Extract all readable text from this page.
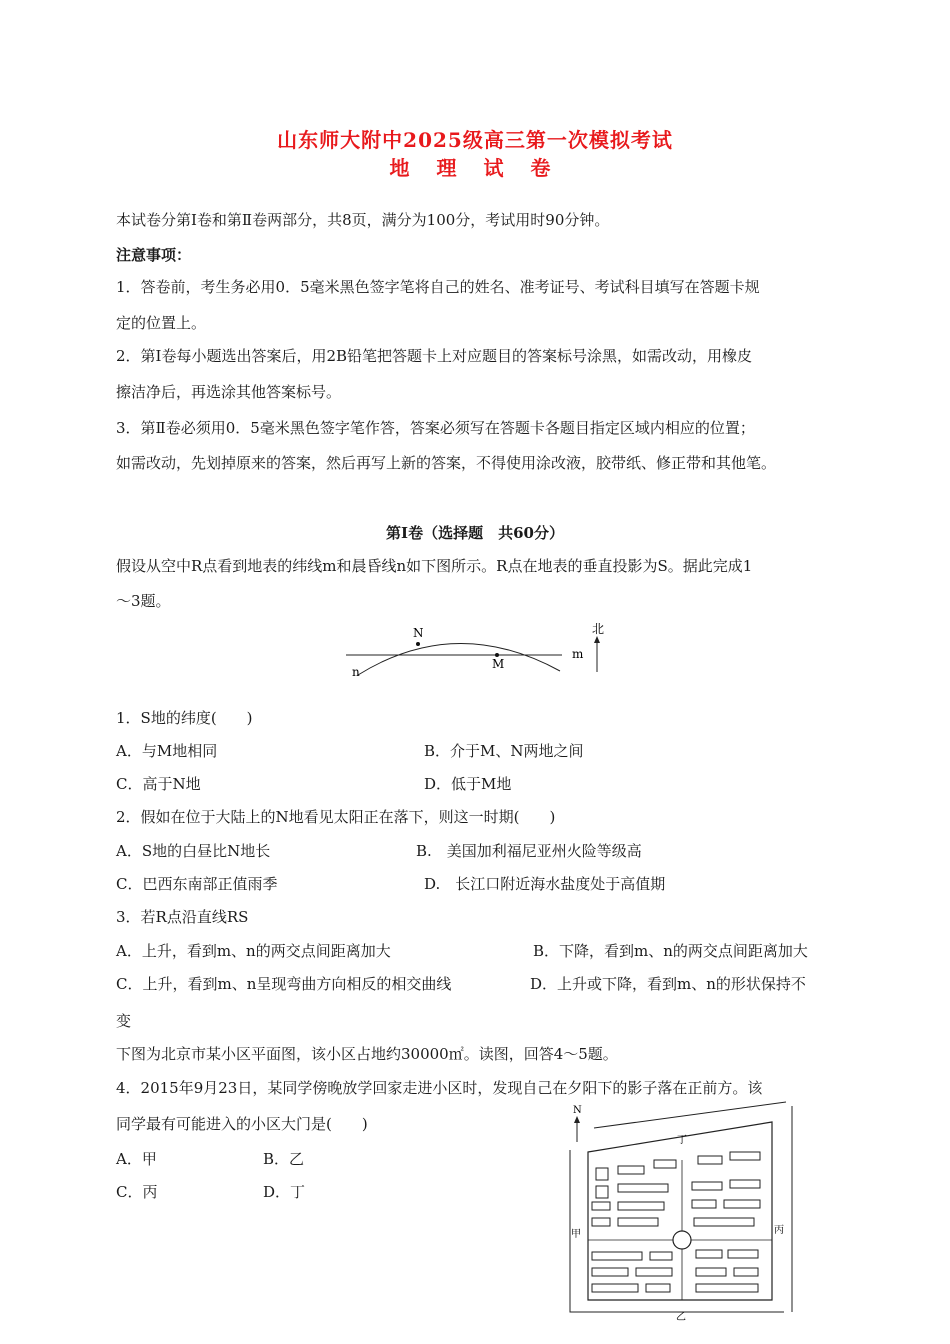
山东师大附中2025级高三第一次模拟考试
地 理 试 卷
本试卷分第Ⅰ卷和第Ⅱ卷两部分，共8页，满分为100分，考试用时90分钟。
注意事项：
1．答卷前，考生务必用0．5毫米黑色签字笔将自己的姓名、准考证号、考试科目填写在答题卡规
定的位置上。
2．第Ⅰ卷每小题选出答案后，用2B铅笔把答题卡上对应题目的答案标号涂黑，如需改动，用橡皮
擦洁净后，再选涂其他答案标号。
3．第Ⅱ卷必须用0．5毫米黑色签字笔作答，答案必须写在答题卡各题目指定区域内相应的位置；
如需改动，先划掉原来的答案，然后再写上新的答案，不得使用涂改液，胶带纸、修正带和其他笔。
第Ⅰ卷（选择题　共60分）
假设从空中R点看到地表的纬线m和晨昏线n如下图所示。R点在地表的垂直投影为S。据此完成1
～3题。
N
M
m
n
北
1．S地的纬度(　　)
A．与M地相同	B．介于M、N两地之间
C．高于N地	D．低于M地
2．假如在位于大陆上的N地看见太阳正在落下，则这一时期(　　)
A．S地的白昼比N地长	B.　美国加利福尼亚州火险等级高
C．巴西东南部正值雨季	D.　长江口附近海水盐度处于高值期
3．若R点沿直线RS
A．上升，看到m、n的两交点间距离加大	B．下降，看到m、n的两交点间距离加大
C．上升，看到m、n呈现弯曲方向相反的相交曲线	D．上升或下降，看到m、n的形状保持不
变
下图为北京市某小区平面图，该小区占地约30000㎡。读图，回答4～5题。
4．2015年9月23日，某同学傍晚放学回家走进小区时，发现自己在夕阳下的影子落在正前方。该
同学最有可能进入的小区大门是(　　)
A．甲	B．乙
C．丙	D．丁
N
甲
乙
丙
丁
